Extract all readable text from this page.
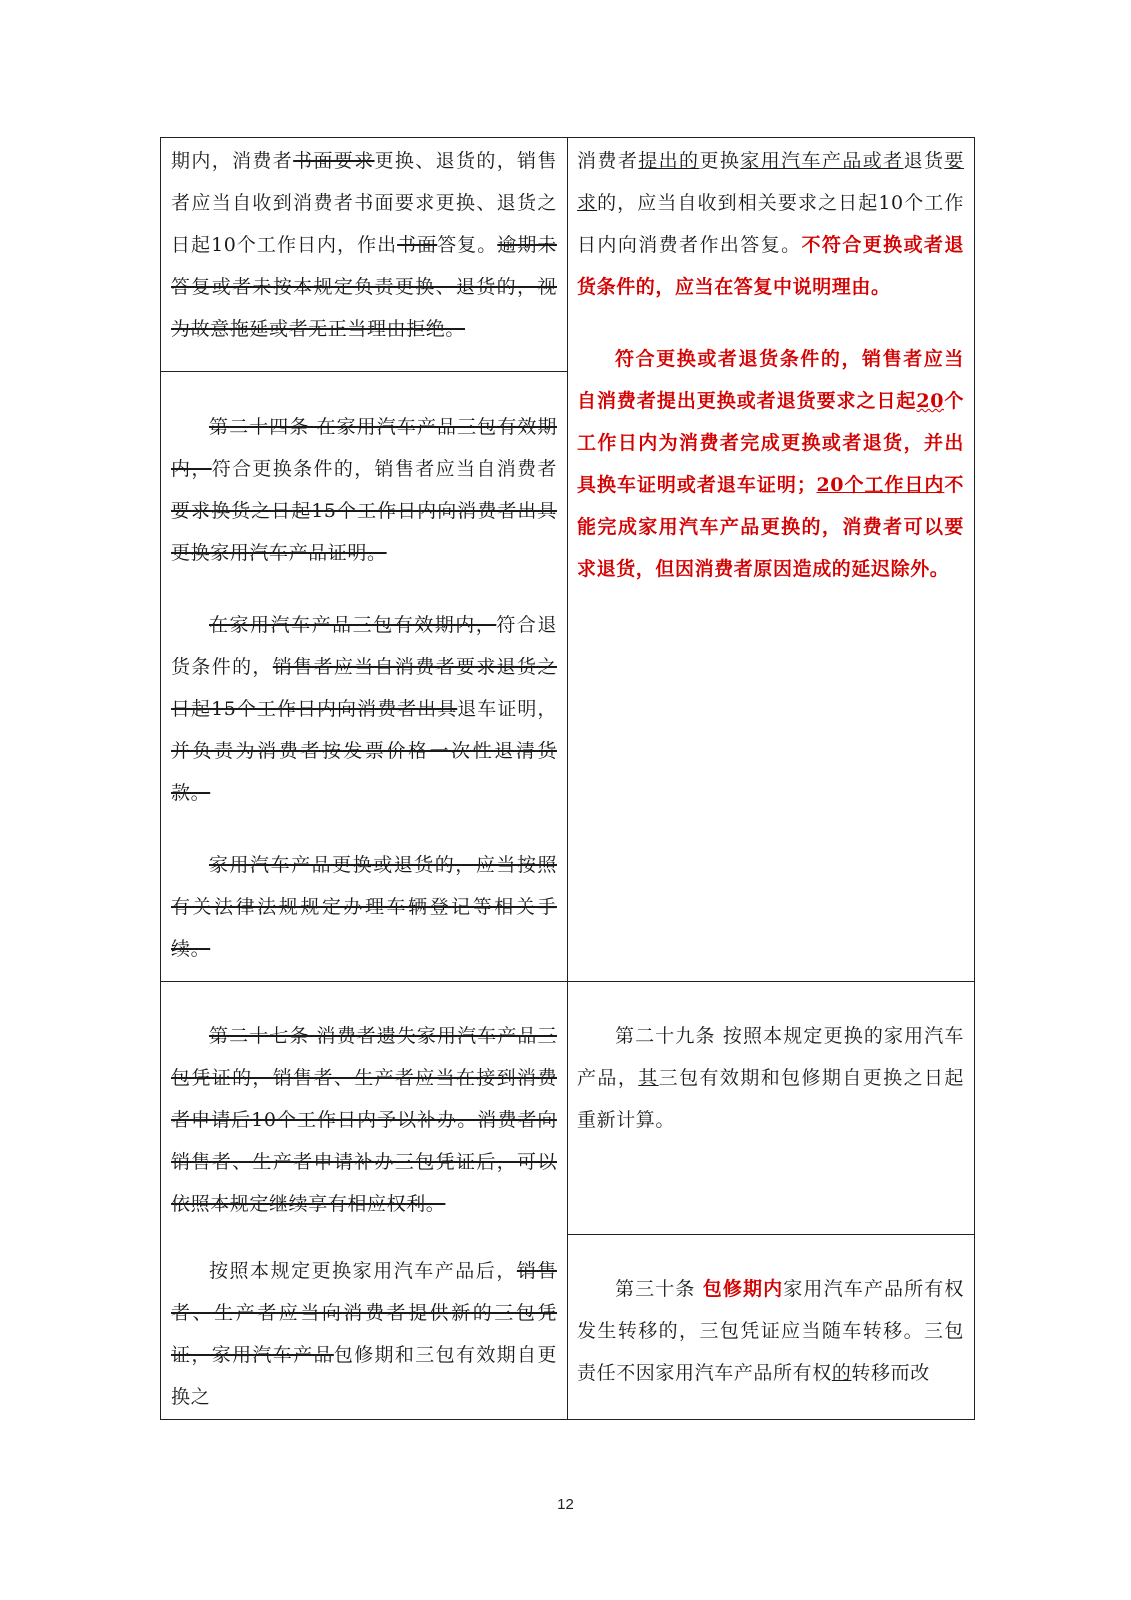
期内，消费者书面要求更换、退货的，销售者应当自收到消费者书面要求更换、退货之日起10个工作日内，作出书面答复。逾期未答复或者未按本规定负责更换、退货的，视为故意拖延或者无正当理由拒绝。

第二十四条 在家用汽车产品三包有效期内，符合更换条件的，销售者应当自消费者要求换货之日起15个工作日内向消费者出具更换家用汽车产品证明。

在家用汽车产品三包有效期内，符合退货条件的，销售者应当自消费者要求退货之日起15个工作日内向消费者出具退车证明，并负责为消费者按发票价格一次性退清货款。

家用汽车产品更换或退货的，应当按照有关法律法规规定办理车辆登记等相关手续。

第二十七条 消费者遗失家用汽车产品三包凭证的，销售者、生产者应当在接到消费者申请后10个工作日内予以补办。消费者向销售者、生产者申请补办三包凭证后，可以依照本规定继续享有相应权利。

按照本规定更换家用汽车产品后，销售者、生产者应当向消费者提供新的三包凭证，家用汽车产品包修期和三包有效期自更换之

消费者提出的更换家用汽车产品或者退货要求的，应当自收到相关要求之日起10个工作日内向消费者作出答复。不符合更换或者退货条件的，应当在答复中说明理由。

符合更换或者退货条件的，销售者应当自消费者提出更换或者退货要求之日起20个工作日内为消费者完成更换或者退货，并出具换车证明或者退车证明；20个工作日内不能完成家用汽车产品更换的，消费者可以要求退货，但因消费者原因造成的延迟除外。

第二十九条 按照本规定更换的家用汽车产品，其三包有效期和包修期自更换之日起重新计算。

第三十条 包修期内家用汽车产品所有权发生转移的，三包凭证应当随车转移。三包责任不因家用汽车产品所有权的转移而改

12
